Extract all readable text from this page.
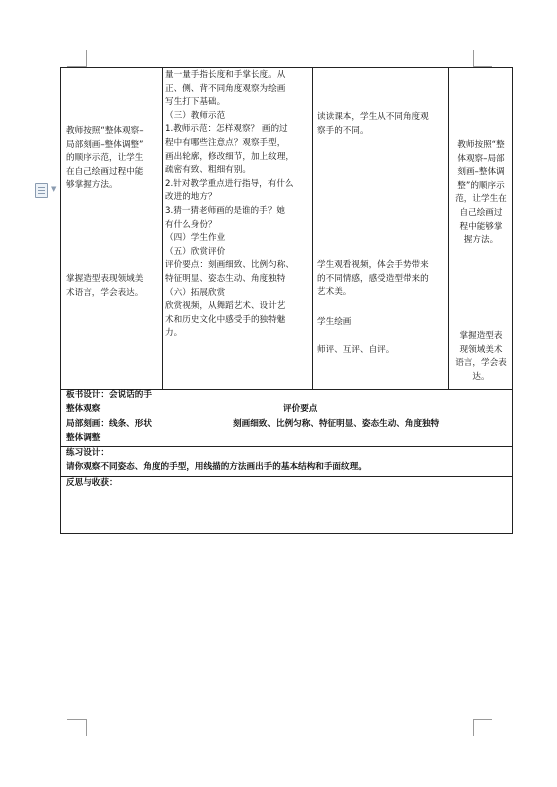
▼

教师按照“整体观察–
局部刻画–整体调整”
的顺序示范，让学生
在自己绘画过程中能
够掌握方法。

掌握造型表现领域美
术语言，学会表达。

量一量手指长度和手掌长度。从
正、侧、背不同角度观察为绘画
写生打下基础。
（三）教师示范
1.教师示范：怎样观察？ 画的过
程中有哪些注意点？观察手型，
画出轮廓，修改细节，加上纹理，
疏密有致、粗细有别。
2.针对教学重点进行指导，有什么
改进的地方？
3.猜一猜老师画的是谁的手？她
有什么身份？
（四）学生作业
（五）欣赏评价
评价要点：刻画细致、比例匀称、
特征明显、姿态生动、角度独特
（六）拓展欣赏
欣赏视频，从舞蹈艺术、设计艺
术和历史文化中感受手的独特魅
力。

读读课本，学生从不同角度观
察手的不同。

学生观看视频，体会手势带来
的不同情感，感受造型带来的
艺术美。

学生绘画

师评、互评、自评。

教师按照“整
体观察–局部
刻画–整体调
整”的顺序示
范，让学生在
自己绘画过
程中能够掌
握方法。

掌握造型表
现领域美术
语言，学会表
达。

板书设计：会说话的手

整体观察	评价要点

局部刻画：线条、形状	刻画细致、比例匀称、特征明显、姿态生动、角度独特

整体调整

练习设计：

请你观察不同姿态、角度的手型，用线描的方法画出手的基本结构和手面纹理。

反思与收获：
